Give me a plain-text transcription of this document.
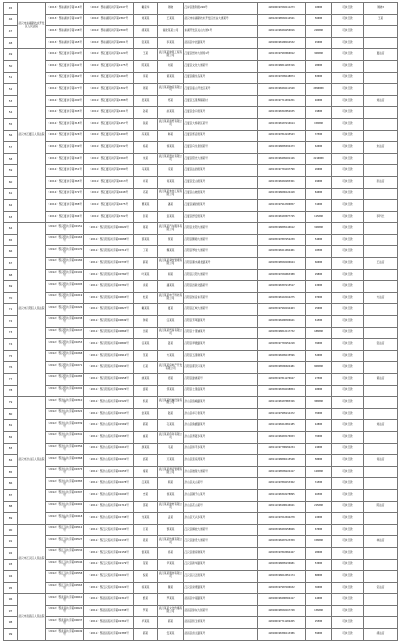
45	武汉市东湖新技术开发区人民法院	（2013）鄂东湖执字第116号	（2012）鄂东湖民初字第2247号	戴家华	周晓	江岸区胜利街226号	420106197602111273	18000	可执行款	周晓3
46		（2013）鄂东湖执字第142号	（2012）鄂东湖民初字第2367号	刘某某	王某某	武汉市东湖新技术开发区光谷大道某号	420122198502114521	56000	可执行款	王某
47		（2013）鄂东湖执字第138号	（2012）鄂东湖民初字第2390号	胡某某	湖北某某公司	东湖开发区关山大道1号	420111198204250016	220000	可执行款	
48		（2013）鄂东湖执字第165号	（2012）鄂东湖民初字第2601号	张某某	李某某	武昌区中北路某号	420106198108164532	45000	可执行款	
49	武汉市江夏区人民法院	（2012）鄂江夏执字第230号	（2011）鄂江夏民初字第1120号	王某	武汉某某建筑工程有限公司	江夏区纸坊大街特1号	420115197903060012	360000	可执行款	夏法官
50		（2012）鄂江夏执字第241号	（2011）鄂江夏民初字第1175号	陈某某	刘某	江夏区文化大道某号	420115198011203316	28000	可执行款	
51		（2012）鄂江夏执字第262号	（2011）鄂江夏民初字第1260号	李某	黄某某	江夏区藏龙岛某号	420115197609148874	83000	可执行款	
52		（2012）鄂江夏执字第277号	（2011）鄂江夏民初字第1302号	周某	武汉某某物流有限公司	江夏区庙山开发区某号	420115198204111520	2090000	可执行款	
53		（2012）鄂江夏执字第290号	（2011）鄂江夏民初字第1388号	吴某某	郑某	江夏区五里界镇某村	420115197711032251	46000	可执行款	刘法官
54		（2012）鄂江夏执字第305号	（2011）鄂江夏民初字第1401号	孙某	赵某某	江夏区金口街某号	420115198310052635	19800	可执行款	
55		（2012）鄂江夏执字第318号	（2011）鄂江夏民初字第1457号	钱某	武汉某某商贸有限公司	江夏区大桥新区某号	420115198107216614	150000	可执行款	
56		（2012）鄂江夏执字第326号	（2011）鄂江夏民初字第1490号	冯某某	韩某	江夏区郑店街某号	420115197812245543	37500	可执行款	
57		（2012）鄂江夏执字第339号	（2011）鄂江夏民初字第1532号	杨某	徐某某	江夏区乌龙泉街某号	420115198005034473	62000	可执行款	朱法官
58		（2012）鄂江夏执字第344号	（2011）鄂江夏民初字第1560号	朱某	武汉某某置业有限公司	江夏区阳光大道某号	420115198409181126	2210000	可执行款	
59		（2012）鄂江夏执字第351号	（2011）鄂江夏民初字第1589号	马某某	宋某	江夏区法泗街某号	420115197701197790	26000	可执行款	
60		（2012）鄂江夏执字第365号	（2011）鄂江夏民初字第1613号	许某	何某某	江夏区安山街某号	420115198202283361	49000	可执行款	彭法官
61		（2012）鄂江夏执字第372号	（2011）鄂江夏民初字第1648号	邓某	武汉某某装饰工程有限公司	江夏区山坡街某号	420115198606124418	84000	可执行款	
62		（2012）鄂江夏执字第388号	（2011）鄂江夏民初字第1675号	曹某某	潘某	江夏区湖泗街某号	420115197912300057	31000	可执行款	
63		（2012）鄂江夏执字第394号	（2011）鄂江夏民初字第1702号	彭某	袁某某	江夏区舒安街某号	420115198103077725	115000	可执行款	李科长
64	武汉市汉阳区人民法院	（2012）鄂汉阳执字第00151号	（2011）鄂汉阳民初字第00620号	蒋某	武汉某某汽车服务有限公司	汉阳区龙阳大道某号	420105198005146612	320000	可执行款	
65		（2012）鄂汉阳执字第00163号	（2011）鄂汉阳民初字第00688号	蔡某某	贾某	汉阳区鹦鹉大道某号	420105197807252239	54000	可执行款	
66		（2012）鄂汉阳执字第00170号	（2011）鄂汉阳民初字第00712号	丁某	魏某某	汉阳区琴台大道某号	420105198211094401	18500	可执行款	
67		（2012）鄂汉阳执字第00184号	（2011）鄂汉阳民初字第00735号	薛某	武汉某某餐饮管理有限公司	汉阳区墨水湖北路某号	420105198502186624	66000	可执行款	王法官
68		（2012）鄂汉阳执字第00192号	（2011）鄂汉阳民初字第00760号	叶某某	阎某	汉阳区汉阳大道某号	420105197604063388	29800	可执行款	
69		（2012）鄂汉阳执字第00205号	（2011）鄂汉阳民初字第00781号	余某	潘某某	汉阳区四新北路某号	420105198307215517	43000	可执行款	
70		（2012）鄂汉阳执字第00219号	（2011）鄂汉阳民初字第00803号	杜某	武汉某某电子科技有限公司	汉阳区知音东苑某号	420105198110162275	97000	可执行款	方法官
71		（2012）鄂汉阳执字第00226号	（2011）鄂汉阳民初字第00827号	戴某某	夏某	汉阳区江城大道某号	420105197902194463	25000	可执行款	
72		（2012）鄂汉阳执字第00238号	（2011）鄂汉阳民初字第00849号	钟某	汪某某	汉阳区芳草路某号	420105198408306641	61500	可执行款	
73		（2012）鄂汉阳执字第00247号	（2011）鄂汉阳民初字第00866号	田某	武汉某某贸易有限公司	汉阳区十里铺某号	420105198012117732	188000	可执行款	
74		（2012）鄂汉阳执字第00253号	（2011）鄂汉阳民初字第00890号	任某某	姜某	汉阳区翠微路某号	420105197703252218	39000	可执行款	张法官
75		（2012）鄂汉阳执字第00268号	（2011）鄂汉阳民初字第00912号	范某	方某某	汉阳区五里墩某号	420105198209135596	52000	可执行款	
76		（2012）鄂汉阳执字第00271号	（2011）鄂汉阳民初字第00934号	石某	武汉某某房地产开发有限公司	汉阳区郭茨口某号	420105198506024481	960000	可执行款	
77		（2012）鄂汉阳执字第00285号	（2011）鄂汉阳民初字第00958号	姚某某	谭某	汉阳区建港某号	420105197811276627	27500	可执行款	黄法官
78		（2012）鄂汉阳执字第00292号	（2011）鄂汉阳民初字第00976号	廖某	邹某某	汉阳区七里庙某号	420105198304198854	48000	可执行款	
79	武汉市洪山区人民法院	（2012）鄂洪山执字第00310号	（2011）鄂洪山民初字第01520号	熊某	武汉某某机械设备有限公司	洪山区珞喻路某号	420111198107083326	300000	可执行款	
80		（2012）鄂洪山执字第00322号	（2011）鄂洪山民初字第01547号	金某某	陆某	洪山区卓刀泉某号	420111197905214472	35000	可执行款	
81		（2012）鄂洪山执字第00339号	（2011）鄂洪山民初字第01569号	郝某	孔某某	洪山区鲁磨路某号	420111198212091185	42800	可执行款	刘法官
82		（2012）鄂洪山执字第00341号	（2011）鄂洪山民初字第01583号	崔某	武汉某某印务有限公司	洪山区青菱乡某号	420111198403176653	76000	可执行款	
83		（2012）鄂洪山执字第00356号	（2011）鄂洪山民初字第01610号	康某某	毛某	洪山区和平乡某号	420111197708292234	24000	可执行款	
84		（2012）鄂洪山执字第00368号	（2011）鄂洪山民初字第01632号	邱某	万某某	洪山区张家湾某号	420111198006115548	58000	可执行款	何法官
85		（2012）鄂洪山执字第00375号	（2011）鄂洪山民初字第01655号	秦某	武汉某某酒店管理有限公司	洪山区雄楚大道某号	420111198509224417	129000	可执行款	
86		（2012）鄂洪山执字第00383号	（2011）鄂洪山民初字第01678号	江某某	顾某	洪山区关山某号	420111197804153362	31500	可执行款	
87		（2012）鄂洪山执字第00397号	（2011）鄂洪山民初字第01694号	史某	侯某某	洪山区狮子山某号	420111198310278895	46500	可执行款	
88		（2012）鄂洪山执字第00402号	（2011）鄂洪山民初字第01712号	邵某	武汉某某建材有限公司	洪山区花山某号	420111198108146621	215000	可执行款	陈法官
89		（2012）鄂洪山执字第00418号	（2011）鄂洪山民初字第01738号	龙某某	孟某	洪山区天兴乡某号	420111197612042278	22000	可执行款	
90	武汉市江汉区人民法院	（2012）鄂江汉执字第00512号	（2011）鄂江汉民初字第02105号	万某	黎某某	江汉区解放大道某号	420103198203258846	67000	可执行款	
91		（2012）鄂江汉执字第00527号	（2011）鄂江汉民初字第02133号	段某	武汉某某传媒有限公司	江汉区建设大道某号	420103198407123359	158000	可执行款	林法官
92		（2012）鄂江汉执字第00534号	（2011）鄂江汉民初字第02156号	雷某某	汤某	江汉区唐家墩某号	420103197810094427	28600	可执行款	
93		（2012）鄂江汉执字第00546号	（2011）鄂江汉民初字第02179号	贺某	尹某某	江汉区新华路某号	420103198005236681	53000	可执行款	
94		（2012）鄂江汉执字第00558号	（2011）鄂江汉民初字第02201号	倪某	武汉某某服饰有限公司	江汉区汉正街某号	420103198612051174	88000	可执行款	
95		（2012）鄂江汉执字第00563号	（2011）鄂江汉民初字第02224号	汤某某	滕某	江汉区常青路某号	420103197907186632	36000	可执行款	宋法官
96	武汉市武昌区人民法院	（2012）鄂武昌执字第00610号	（2011）鄂武昌民初字第02310号	殷某	罗某某	武昌区中南路某号	420106198208304417	44000	可执行款	
97		（2012）鄂武昌执字第00624号	（2011）鄂武昌民初字第02338号	罗某	武汉某某文化传播有限公司	武昌区徐东大街某号	420106198502167748	136000	可执行款	
98		（2012）鄂武昌执字第00637号	（2011）鄂武昌民初字第02361号	毕某某	郝某	武昌区积玉桥某号	420106197711202265	25500	可执行款	
99		（2012）鄂武昌执字第00649号	（2011）鄂武昌民初字第02385号	郝某	安某某	武昌区首义路某号	420106198306113386	59000	可执行款	胡法官
